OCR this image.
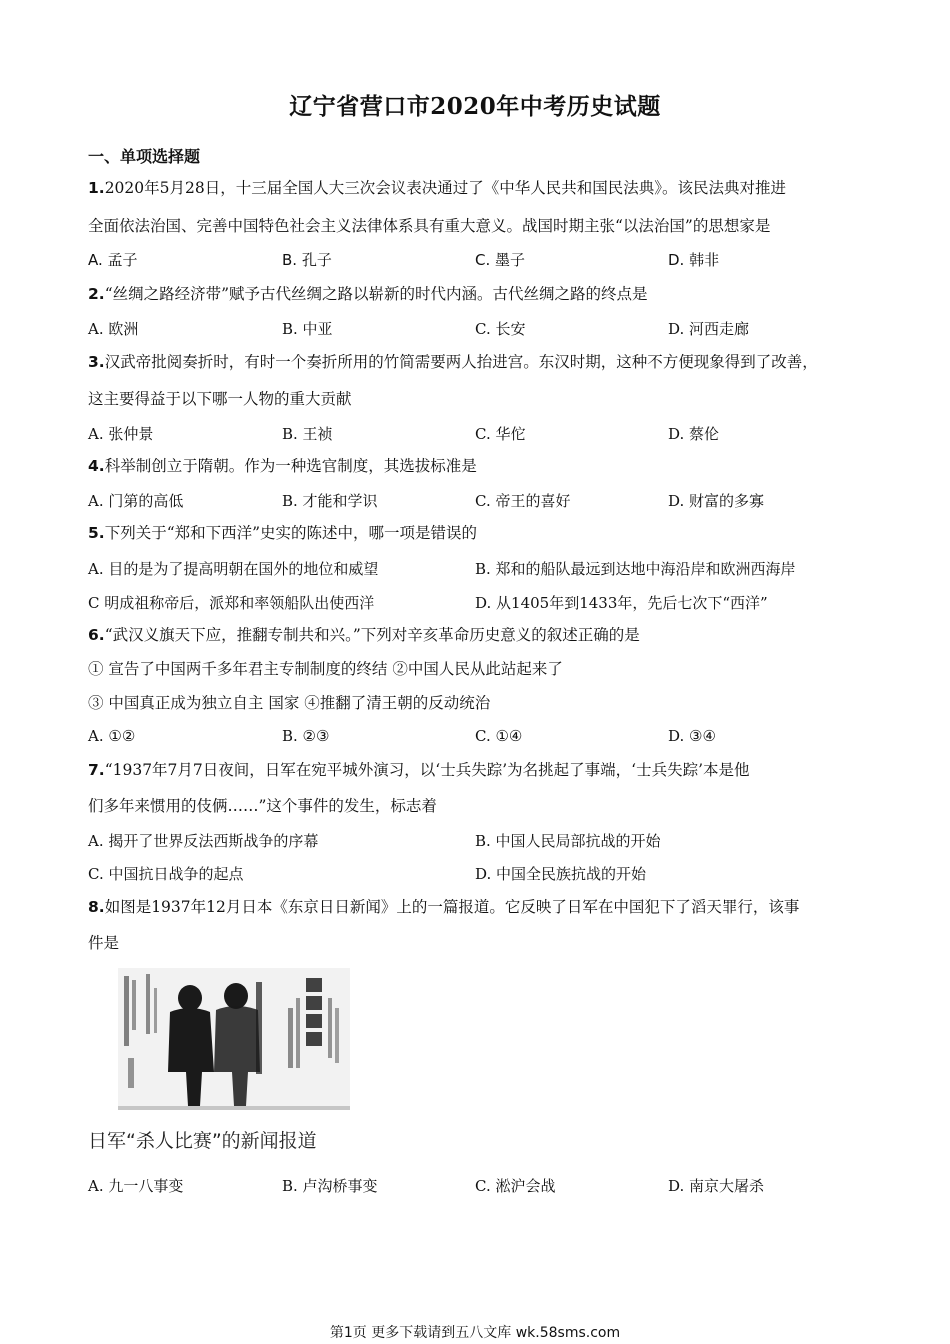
辽宁省营口市2020年中考历史试题
一、单项选择题
1.2020年5月28日，十三届全国人大三次会议表决通过了《中华人民共和国民法典》。该民法典对推进
全面依法治国、完善中国特色社会主义法律体系具有重大意义。战国时期主张“以法治国”的思想家是
A. 孟子	B. 孔子	C. 墨子	D. 韩非
2.“丝绸之路经济带”赋予古代丝绸之路以崭新的时代内涵。古代丝绸之路的终点是
A. 欧洲	B. 中亚	C. 长安	D. 河西走廊
3.汉武帝批阅奏折时，有时一个奏折所用的竹简需要两人抬进宫。东汉时期，这种不方便现象得到了改善，
这主要得益于以下哪一人物的重大贡献
A. 张仲景	B. 王祯	C. 华佗	D. 蔡伦
4.科举制创立于隋朝。作为一种选官制度，其选拔标准是
A. 门第的高低	B. 才能和学识	C. 帝王的喜好	D. 财富的多寡
5.下列关于“郑和下西洋”史实的陈述中，哪一项是错误的
A. 目的是为了提高明朝在国外的地位和威望	B. 郑和的船队最远到达地中海沿岸和欧洲西海岸
C 明成祖称帝后，派郑和率领船队出使西洋	D. 从1405年到1433年，先后七次下“西洋”
6.“武汉义旗天下应，推翻专制共和兴。”下列对辛亥革命历史意义的叙述正确的是
① 宣告了中国两千多年君主专制制度的终结 ②中国人民从此站起来了
③ 中国真正成为独立自主 国家 ④推翻了清王朝的反动统治
A. ①②	B. ②③	C. ①④	D. ③④
7.“1937年7月7日夜间，日军在宛平城外演习，以‘士兵失踪’为名挑起了事端，‘士兵失踪’本是他
们多年来惯用的伎俩……”这个事件的发生，标志着
A. 揭开了世界反法西斯战争的序幕	B. 中国人民局部抗战的开始
C. 中国抗日战争的起点	D. 中国全民族抗战的开始
8.如图是1937年12月日本《东京日日新闻》上的一篇报道。它反映了日军在中国犯下了滔天罪行，该事
件是
日军“杀人比赛”的新闻报道
A. 九一八事变	B. 卢沟桥事变	C. 淞沪会战	D. 南京大屠杀
第1页 更多下载请到五八文库 wk.58sms.com
